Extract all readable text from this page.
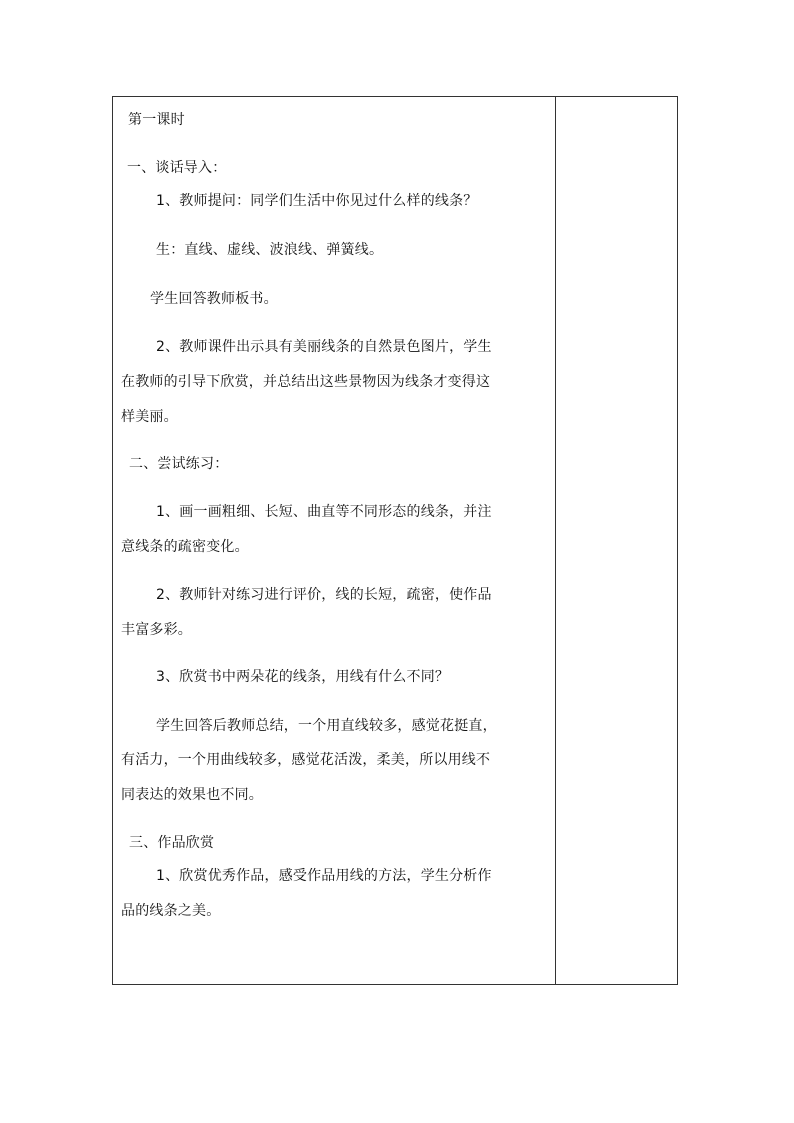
第一课时
一、谈话导入：
1、教师提问：同学们生活中你见过什么样的线条？
生：直线、虚线、波浪线、弹簧线。
学生回答教师板书。
2、教师课件出示具有美丽线条的自然景色图片，学生
在教师的引导下欣赏，并总结出这些景物因为线条才变得这
样美丽。
二、尝试练习：
1、画一画粗细、长短、曲直等不同形态的线条，并注
意线条的疏密变化。
2、教师针对练习进行评价，线的长短，疏密，使作品
丰富多彩。
3、欣赏书中两朵花的线条，用线有什么不同？
学生回答后教师总结，一个用直线较多，感觉花挺直，
有活力，一个用曲线较多，感觉花活泼，柔美，所以用线不
同表达的效果也不同。
三、作品欣赏
1、欣赏优秀作品，感受作品用线的方法，学生分析作
品的线条之美。
